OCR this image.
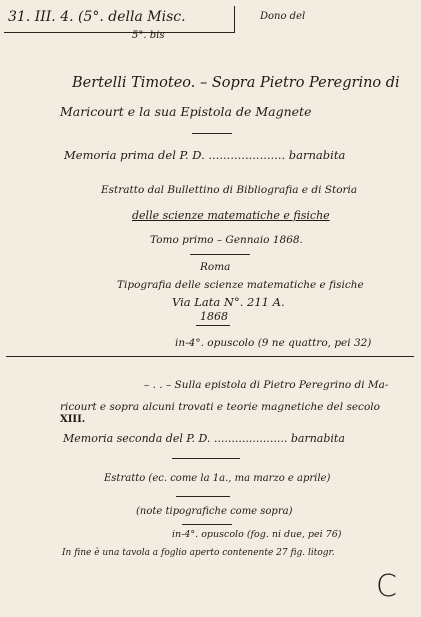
31. III. 4. (5°. della Misc.
5°. bis
Dono del
Bertelli Timoteo. – Sopra Pietro Peregrino di
Maricourt e la sua Epistola de Magnete
Memoria prima del P. D. ..................... barnabita
Estratto dal Bullettino di Bibliografia e di Storia
delle scienze matematiche e fisiche
Tomo primo – Gennaio 1868.
Roma
Tipografia delle scienze matematiche e fisiche
Via Lata N°. 211 A.
1868
in-4°. opuscolo (9 ne quattro, pei 32)
– . . – Sulla epistola di Pietro Peregrino di Ma-
ricourt e sopra alcuni trovati e teorie magnetiche del secolo
XIII.
Memoria seconda del P. D. ..................... barnabita
Estratto (ec. come la 1a., ma marzo e aprile)
(note tipografiche come sopra)
in-4°. opuscolo (fog. ni due, pei 76)
In fine è una tavola a foglio aperto contenente 27 fig. litogr.
C
